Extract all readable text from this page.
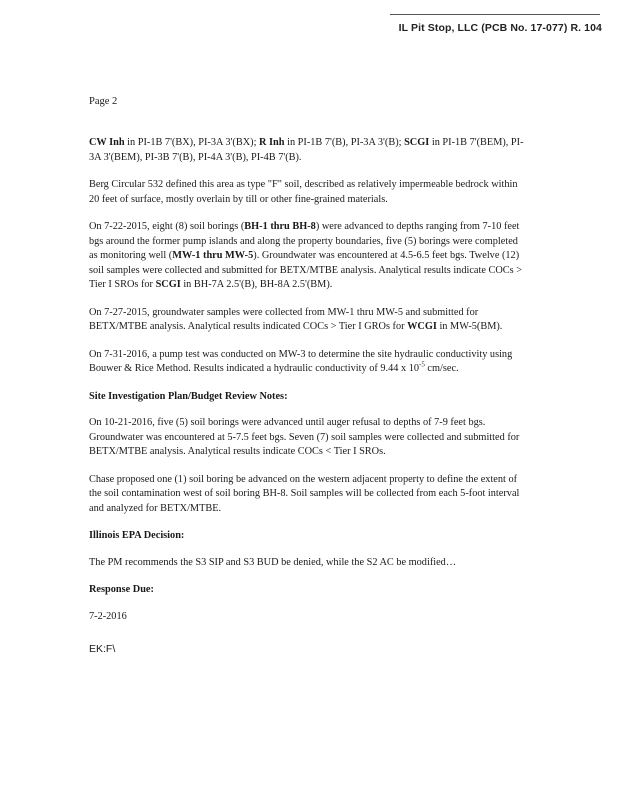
IL Pit Stop, LLC (PCB No. 17-077) R. 104
Page 2

CW Inh in PI-1B 7'(BX), PI-3A 3'(BX); R Inh in PI-1B 7'(B), PI-3A 3'(B); SCGI in PI-1B 7'(BEM), PI-3A 3'(BEM), PI-3B 7'(B), PI-4A 3'(B), PI-4B 7'(B).

Berg Circular 532 defined this area as type "F" soil, described as relatively impermeable bedrock within 20 feet of surface, mostly overlain by till or other fine-grained materials.

On 7-22-2015, eight (8) soil borings (BH-1 thru BH-8) were advanced to depths ranging from 7-10 feet bgs around the former pump islands and along the property boundaries, five (5) borings were completed as monitoring well (MW-1 thru MW-5). Groundwater was encountered at 4.5-6.5 feet bgs. Twelve (12) soil samples were collected and submitted for BETX/MTBE analysis. Analytical results indicate COCs > Tier I SROs for SCGI in BH-7A 2.5'(B), BH-8A 2.5'(BM).

On 7-27-2015, groundwater samples were collected from MW-1 thru MW-5 and submitted for BETX/MTBE analysis. Analytical results indicated COCs > Tier I GROs for WCGI in MW-5(BM).

On 7-31-2016, a pump test was conducted on MW-3 to determine the site hydraulic conductivity using Bouwer & Rice Method. Results indicated a hydraulic conductivity of 9.44 x $10^{-5}$ cm/sec.

Site Investigation Plan/Budget Review Notes:

On 10-21-2016, five (5) soil borings were advanced until auger refusal to depths of 7-9 feet bgs. Groundwater was encountered at 5-7.5 feet bgs. Seven (7) soil samples were collected and submitted for BETX/MTBE analysis. Analytical results indicate COCs < Tier I SROs.

Chase proposed one (1) soil boring be advanced on the western adjacent property to define the extent of the soil contamination west of soil boring BH-8. Soil samples will be collected from each 5-foot interval and analyzed for BETX/MTBE.

Illinois EPA Decision:

The PM recommends the S3 SIP and S3 BUD be denied, while the S2 AC be modified…

Response Due:

7-2-2016

EK:F\
